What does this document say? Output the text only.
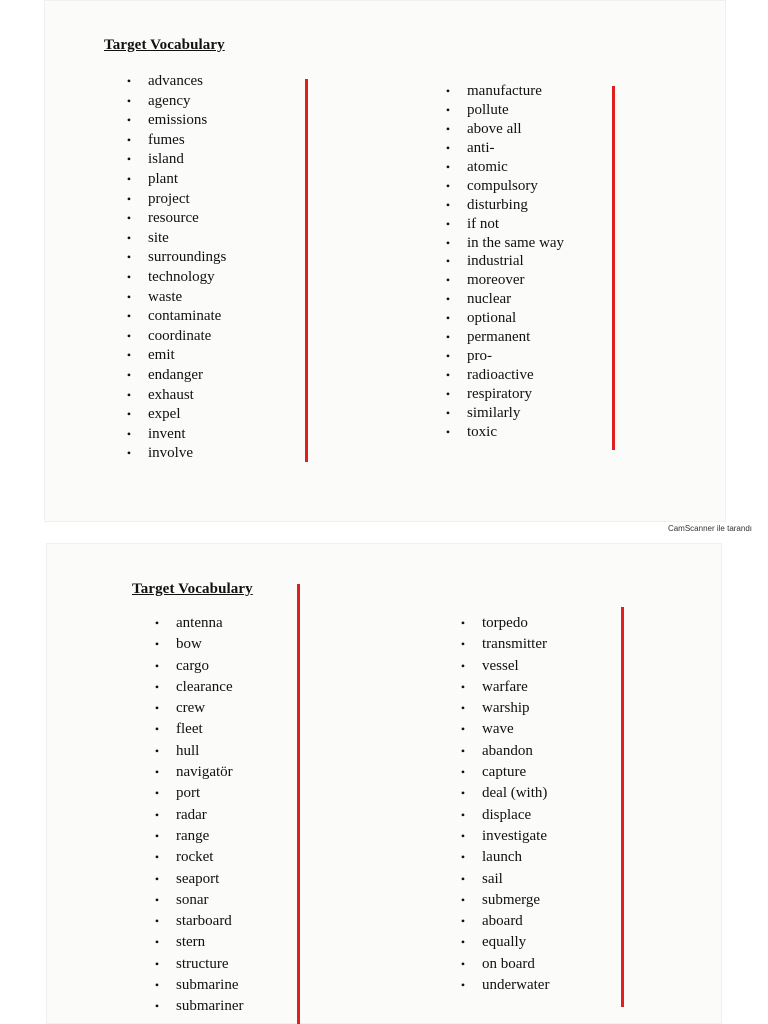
Target Vocabulary
• advances
• agency
• emissions
• fumes
• island
• plant
• project
• resource
• site
• surroundings
• technology
• waste
• contaminate
• coordinate
• emit
• endanger
• exhaust
• expel
• invent
• involve
• manufacture
• pollute
• above all
• anti-
• atomic
• compulsory
• disturbing
• if not
• in the same way
• industrial
• moreover
• nuclear
• optional
• permanent
• pro-
• radioactive
• respiratory
• similarly
• toxic
CamScanner ile tarandı
Target Vocabulary
• antenna
• bow
• cargo
• clearance
• crew
• fleet
• hull
• navigatör
• port
• radar
• range
• rocket
• seaport
• sonar
• starboard
• stern
• structure
• submarine
• submariner
• torpedo
• transmitter
• vessel
• warfare
• warship
• wave
• abandon
• capture
• deal (with)
• displace
• investigate
• launch
• sail
• submerge
• aboard
• equally
• on board
• underwater
